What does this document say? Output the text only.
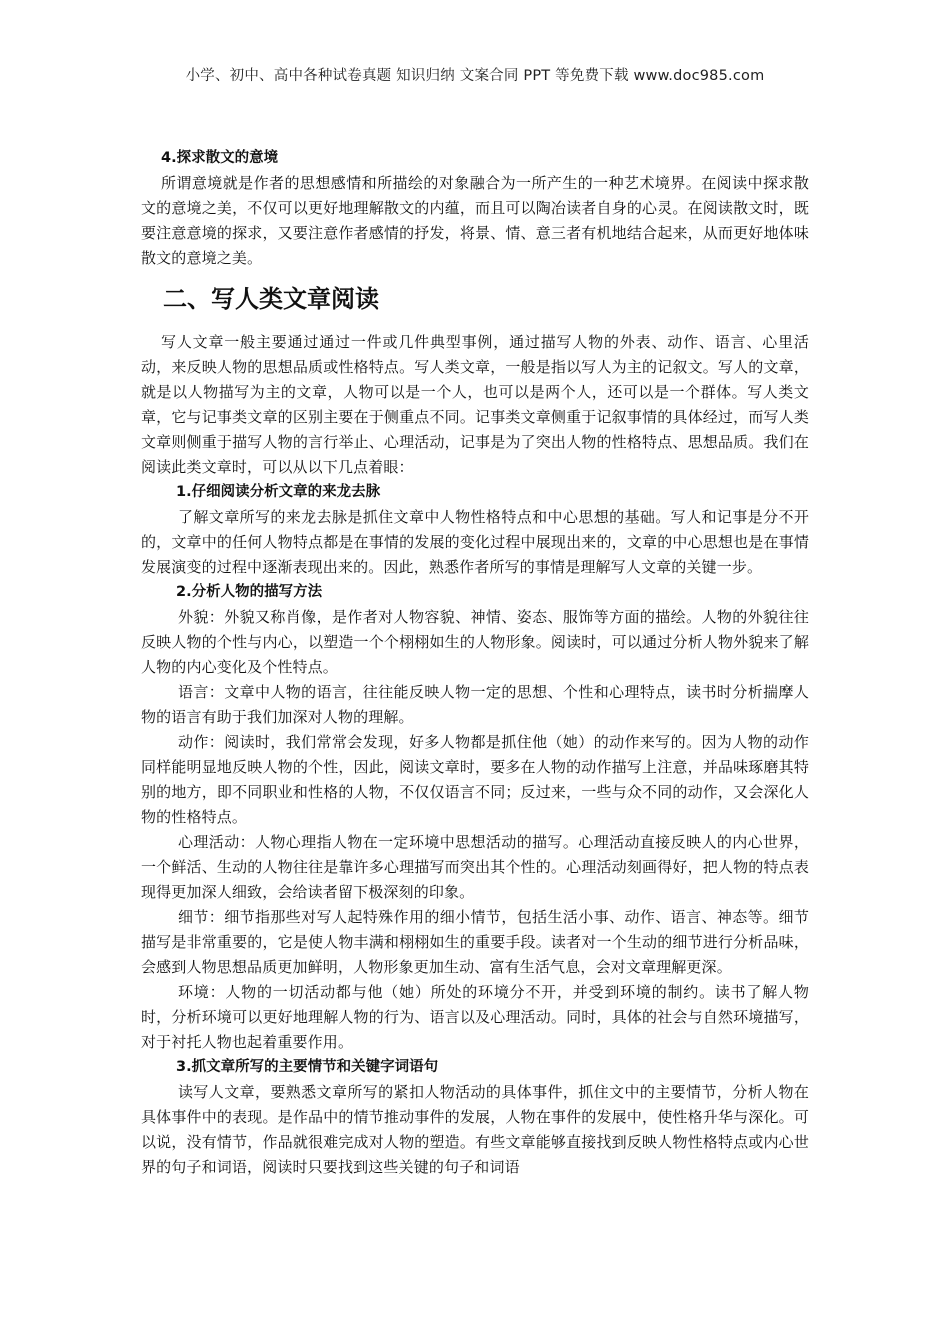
小学、初中、高中各种试卷真题 知识归纳 文案合同 PPT 等免费下载 www.doc985.com

4.探求散文的意境

所谓意境就是作者的思想感情和所描绘的对象融合为一所产生的一种艺术境界。在阅读中探求散文的意境之美，不仅可以更好地理解散文的内蕴，而且可以陶冶读者自身的心灵。在阅读散文时，既要注意意境的探求，又要注意作者感情的抒发，将景、情、意三者有机地结合起来，从而更好地体味散文的意境之美。

二、写人类文章阅读

写人文章一般主要通过通过一件或几件典型事例，通过描写人物的外表、动作、语言、心里活动，来反映人物的思想品质或性格特点。写人类文章，一般是指以写人为主的记叙文。写人的文章，就是以人物描写为主的文章，人物可以是一个人，也可以是两个人，还可以是一个群体。写人类文章，它与记事类文章的区别主要在于侧重点不同。记事类文章侧重于记叙事情的具体经过，而写人类文章则侧重于描写人物的言行举止、心理活动，记事是为了突出人物的性格特点、思想品质。我们在阅读此类文章时，可以从以下几点着眼：

1.仔细阅读分析文章的来龙去脉

了解文章所写的来龙去脉是抓住文章中人物性格特点和中心思想的基础。写人和记事是分不开的，文章中的任何人物特点都是在事情的发展的变化过程中展现出来的，文章的中心思想也是在事情发展演变的过程中逐渐表现出来的。因此，熟悉作者所写的事情是理解写人文章的关键一步。

2.分析人物的描写方法

外貌：外貌又称肖像，是作者对人物容貌、神情、姿态、服饰等方面的描绘。人物的外貌往往反映人物的个性与内心，以塑造一个个栩栩如生的人物形象。阅读时，可以通过分析人物外貌来了解人物的内心变化及个性特点。

语言：文章中人物的语言，往往能反映人物一定的思想、个性和心理特点，读书时分析揣摩人物的语言有助于我们加深对人物的理解。

动作：阅读时，我们常常会发现，好多人物都是抓住他（她）的动作来写的。因为人物的动作同样能明显地反映人物的个性，因此，阅读文章时，要多在人物的动作描写上注意，并品味琢磨其特别的地方，即不同职业和性格的人物，不仅仅语言不同；反过来，一些与众不同的动作，又会深化人物的性格特点。

心理活动：人物心理指人物在一定环境中思想活动的描写。心理活动直接反映人的内心世界，一个鲜活、生动的人物往往是靠许多心理描写而突出其个性的。心理活动刻画得好，把人物的特点表现得更加深人细致，会给读者留下极深刻的印象。

细节：细节指那些对写人起特殊作用的细小情节，包括生活小事、动作、语言、神态等。细节描写是非常重要的，它是使人物丰满和栩栩如生的重要手段。读者对一个生动的细节进行分析品味，会感到人物思想品质更加鲜明，人物形象更加生动、富有生活气息，会对文章理解更深。

环境：人物的一切活动都与他（她）所处的环境分不开，并受到环境的制约。读书了解人物时，分析环境可以更好地理解人物的行为、语言以及心理活动。同时，具体的社会与自然环境描写，对于衬托人物也起着重要作用。

3.抓文章所写的主要情节和关键字词语句

读写人文章，要熟悉文章所写的紧扣人物活动的具体事件，抓住文中的主要情节，分析人物在具体事件中的表现。是作品中的情节推动事件的发展，人物在事件的发展中，使性格升华与深化。可以说，没有情节，作品就很难完成对人物的塑造。有些文章能够直接找到反映人物性格特点或内心世界的句子和词语，阅读时只要找到这些关键的句子和词语
